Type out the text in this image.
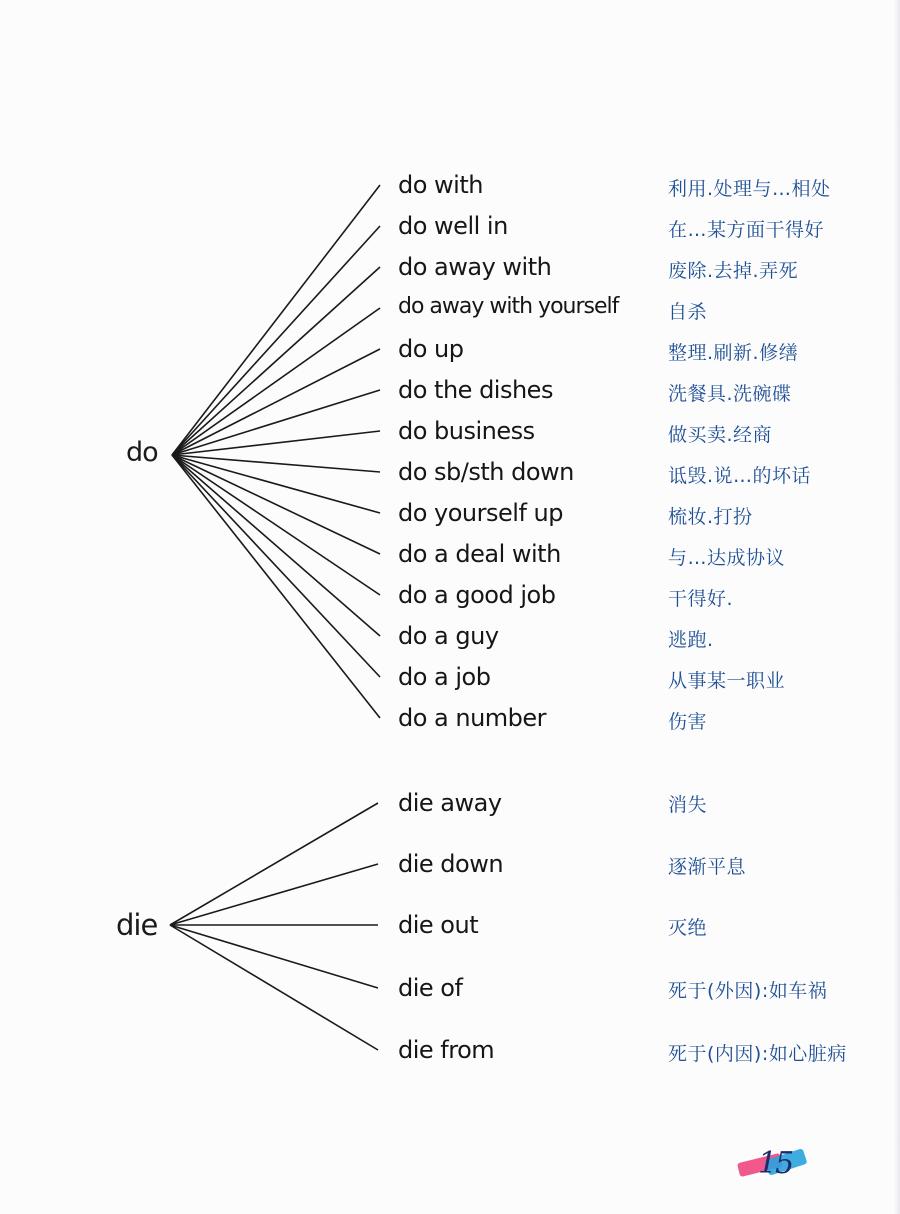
do
die
do with
do well in
do away with
do away with yourself
do up
do the dishes
do business
do sb/sth down
do yourself up
do a deal with
do a good job
do a guy
do a job
do a number
利用.处理与…相处
在…某方面干得好
废除.去掉.弄死
自杀
整理.刷新.修缮
洗餐具.洗碗碟
做买卖.经商
诋毁.说…的坏话
梳妆.打扮
与…达成协议
干得好.
逃跑.
从事某一职业
伤害
die away
die down
die out
die of
die from
消失
逐渐平息
灭绝
死于(外因):如车祸
死于(内因):如心脏病
15
